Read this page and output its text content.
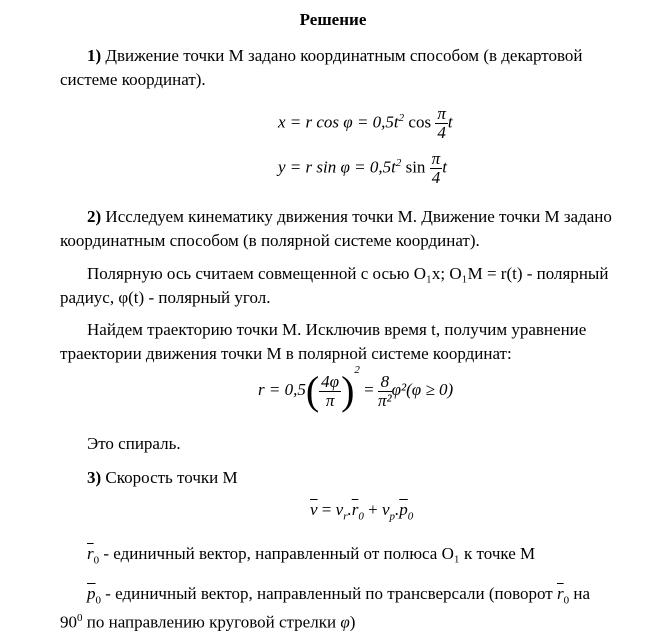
Решение
1) Движение точки M задано координатным способом (в декартовой
системе координат).
x = r $\cos \varphi = 0,5t^2$ $\cos \frac{\pi}{4}$ t
y = r $\sin \varphi = 0,5t^2$ $\sin \frac{\pi}{4}$ t
2) Исследуем кинематику движения точки M. Движение точки M задано
координатным способом (в полярной системе координат).
Полярную ось считаем совмещенной с осью O₁x; O₁M = r(t) - полярный
радиус, φ(t) - полярный угол.
Найдем траекторию точки M. Исключив время t, получим уравнение
траектории движения точки M в полярной системе координат:
$r = 0,5( \frac{4\varphi}{\pi} )^2 = \frac{8}{\text{π²}} \varphi^2(\varphi \ge 0)$
Это спираль.
3) Скорость точки M
$\overline{v} = v_r.\overline{r}_0 + v_p.\overline{p}_0$
$\overline{r}_0$ - единичный вектор, направленный от полюса O₁ к точке M
$\overline{p}_0$ - единичный вектор, направленный по трансверсали (поворот $\overline{r}_0$ на
$90^0$ по направлению круговой стрелки φ)
